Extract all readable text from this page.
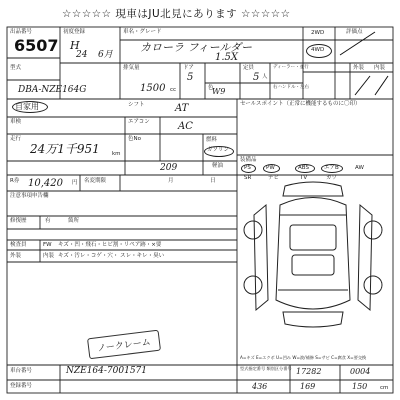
☆☆☆☆☆ 現車はJU北見にあります ☆☆☆☆☆
出品番号
6507
初度登録
H
24 6月
車名・グレード
カローラ フィールダー
1.5X
2WD
4WD
評価点
外装 内装
型式
DBA-NZE164G
排気量
1500 cc
ドア
5
定員
5 人
色
W9
ディーラー・並行
右ハンドル・左右
自家用	シフト	AT
車検	エアコン	AC
走行
24万1千951 km
色No
209
燃料
ガソリン
軽油
セールスポイント（正常に機能するものに〇印）
装備品
PS	PW	ABS	エアB	AW
SR	ナビ	TV	カワ
R券 10,420 円 名変期限	月	日
注意事項申告欄
修復歴	有	箇所
検査員	FW キズ・凹・飛石・ヒビ割・リペア跡・×要
外装	内装 キズ・汚レ・コゲ・穴・ スレ・キレ・臭い
ノークレーム
A=キズ E=エクボ U=凹み W=波/補修 S=サビ C=腐食 X=要交換
車台番号	NZE164-7001571
登録番号
型式指定番号 類別区分番号 17282	0004
436	169	150 cm
